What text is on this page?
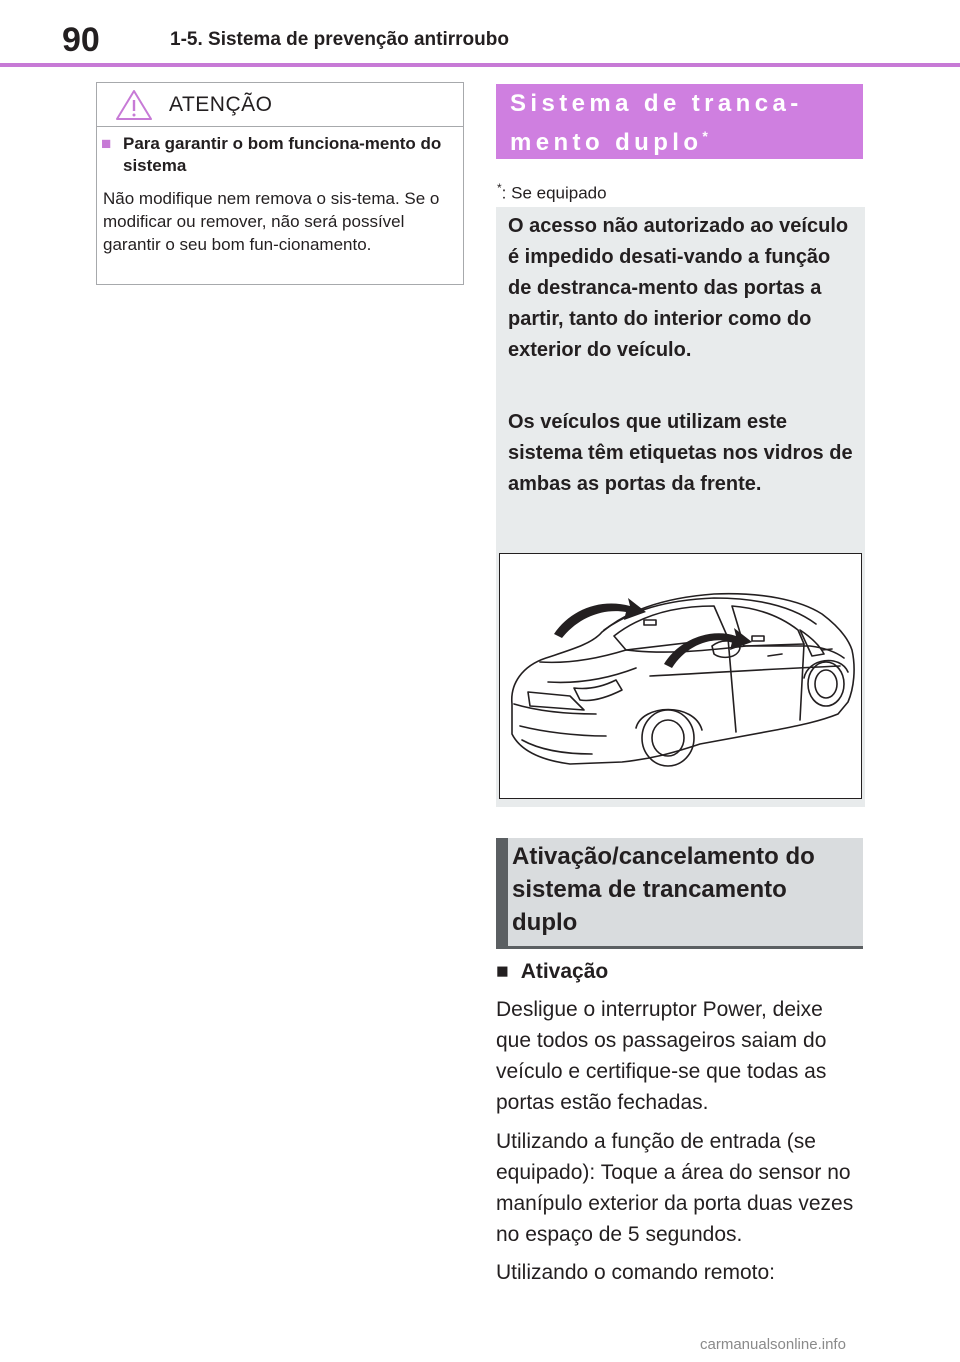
90	1-5. Sistema de prevenção antirroubo
ATENÇÃO
■ Para garantir o bom funciona-mento do sistema
Não modifique nem remova o sis-tema. Se o modificar ou remover, não será possível garantir o seu bom fun-cionamento.
Sistema de tranca-mento duplo*
*: Se equipado
O acesso não autorizado ao veículo é impedido desati-vando a função de destranca-mento das portas a partir, tanto do interior como do exterior do veículo.
Os veículos que utilizam este sistema têm etiquetas nos vidros de ambas as portas da frente.
Ativação/cancelamento do sistema de trancamento duplo
■ Ativação
Desligue o interruptor Power, deixe que todos os passageiros saiam do veículo e certifique-se que todas as portas estão fechadas.
Utilizando a função de entrada (se equipado): Toque a área do sensor no manípulo exterior da porta duas vezes no espaço de 5 segundos.
Utilizando o comando remoto:
carmanualsonline.info
